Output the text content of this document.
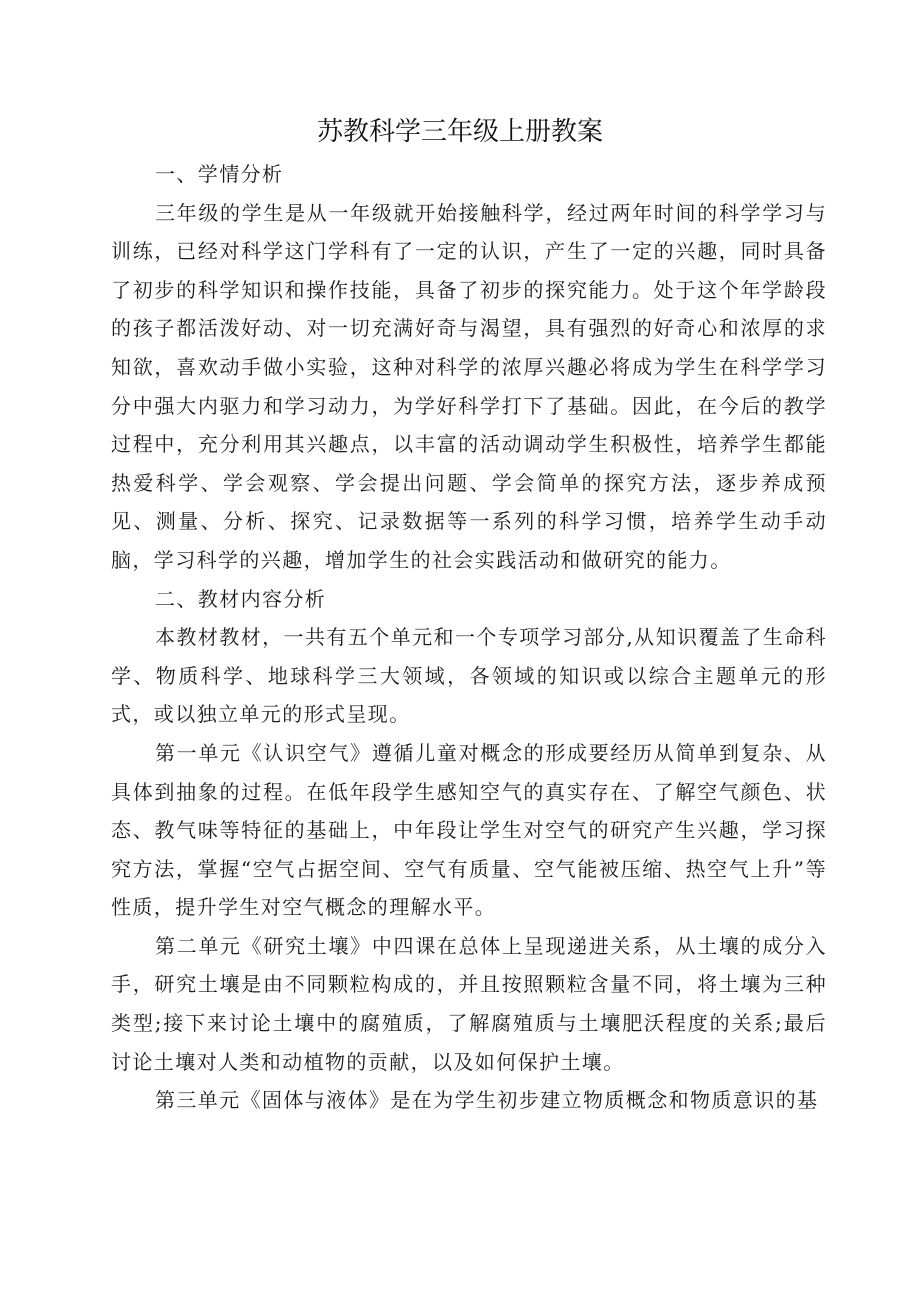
苏教科学三年级上册教案

一、学情分析

三年级的学生是从一年级就开始接触科学，经过两年时间的科学学习与训练，已经对科学这门学科有了一定的认识，产生了一定的兴趣，同时具备了初步的科学知识和操作技能，具备了初步的探究能力。处于这个年学龄段的孩子都活泼好动、对一切充满好奇与渴望，具有强烈的好奇心和浓厚的求知欲，喜欢动手做小实验，这种对科学的浓厚兴趣必将成为学生在科学学习分中强大内驱力和学习动力，为学好科学打下了基础。因此，在今后的教学过程中，充分利用其兴趣点，以丰富的活动调动学生积极性，培养学生都能热爱科学、学会观察、学会提出问题、学会简单的探究方法，逐步养成预见、测量、分析、探究、记录数据等一系列的科学习惯，培养学生动手动脑，学习科学的兴趣，增加学生的社会实践活动和做研究的能力。

二、教材内容分析

本教材教材，一共有五个单元和一个专项学习部分,从知识覆盖了生命科学、物质科学、地球科学三大领域，各领域的知识或以综合主题单元的形式，或以独立单元的形式呈现。

第一单元《认识空气》遵循儿童对概念的形成要经历从简单到复杂、从具体到抽象的过程。在低年段学生感知空气的真实存在、了解空气颜色、状态、教气味等特征的基础上，中年段让学生对空气的研究产生兴趣，学习探究方法，掌握“空气占据空间、空气有质量、空气能被压缩、热空气上升”等性质，提升学生对空气概念的理解水平。

第二单元《研究土壤》中四课在总体上呈现递进关系，从土壤的成分入手，研究土壤是由不同颗粒构成的，并且按照颗粒含量不同，将土壤为三种类型;接下来讨论土壤中的腐殖质，了解腐殖质与土壤肥沃程度的关系;最后讨论土壤对人类和动植物的贡献，以及如何保护土壤。

第三单元《固体与液体》是在为学生初步建立物质概念和物质意识的基
